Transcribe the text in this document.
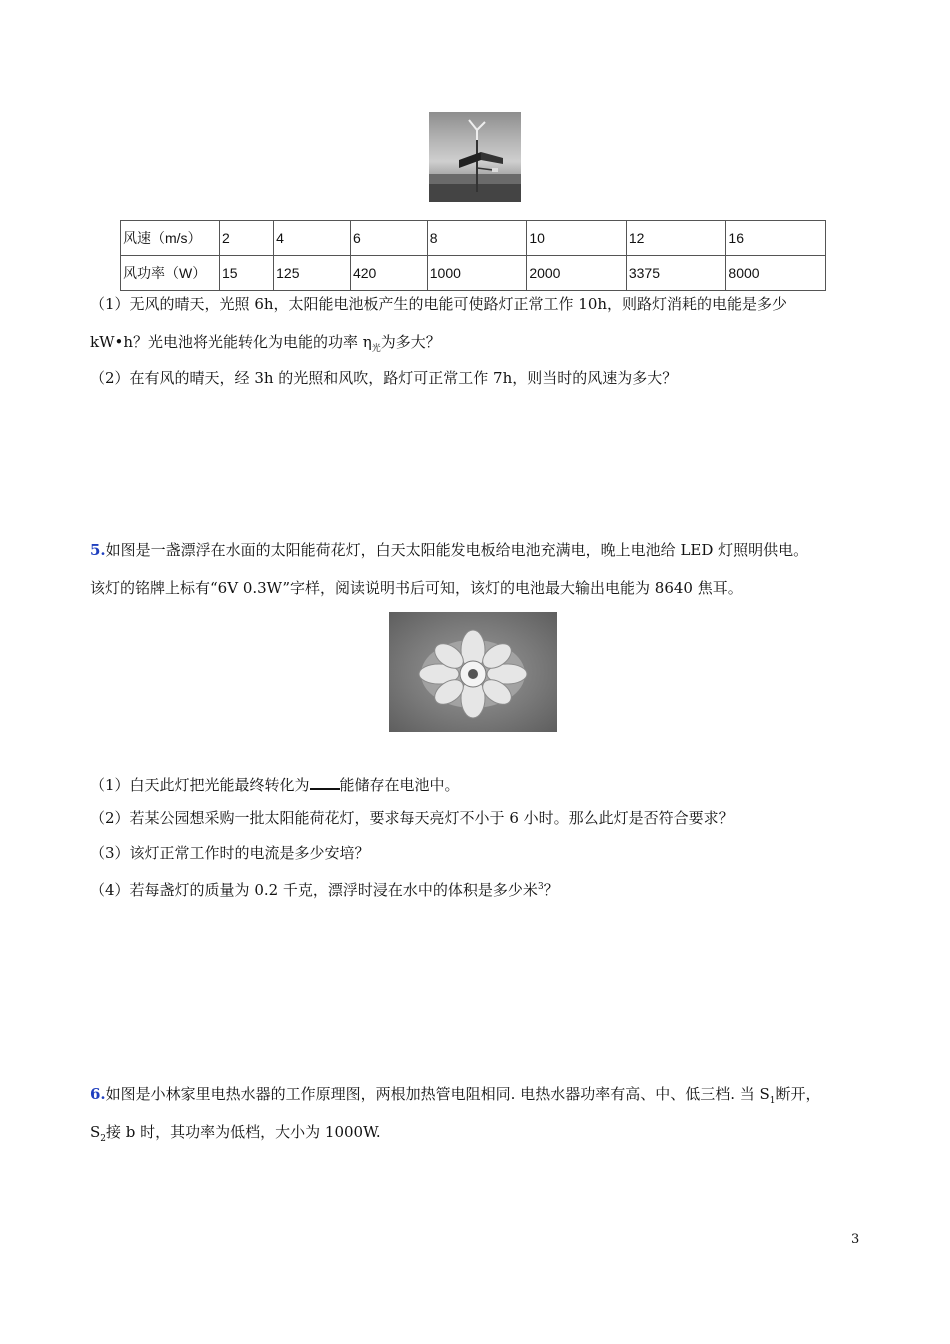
风速（m/s）	2	4	6	8	10	12	16
风功率（W）	15	125	420	1000	2000	3375	8000
（1）无风的晴天，光照 6h，太阳能电池板产生的电能可使路灯正常工作 10h，则路灯消耗的电能是多少
kW•h？光电池将光能转化为电能的功率 $\eta_光$为多大？
（2）在有风的晴天，经 3h 的光照和风吹，路灯可正常工作 7h，则当时的风速为多大？
5.如图是一盏漂浮在水面的太阳能荷花灯，白天太阳能发电板给电池充满电，晚上电池给 LED 灯照明供电。
该灯的铭牌上标有“6V 0.3W”字样，阅读说明书后可知，该灯的电池最大输出电能为 8640 焦耳。
（1）白天此灯把光能最终转化为 能储存在电池中。
（2）若某公园想采购一批太阳能荷花灯，要求每天亮灯不小于 6 小时。那么此灯是否符合要求？
（3）该灯正常工作时的电流是多少安培？
（4）若每盏灯的质量为 0.2 千克，漂浮时浸在水中的体积是多少米$^3$？
6.如图是小林家里电热水器的工作原理图，两根加热管电阻相同. 电热水器功率有高、中、低三档. 当 $S_1$断开，
$S_2$接 b 时，其功率为低档，大小为 1000W.
3
